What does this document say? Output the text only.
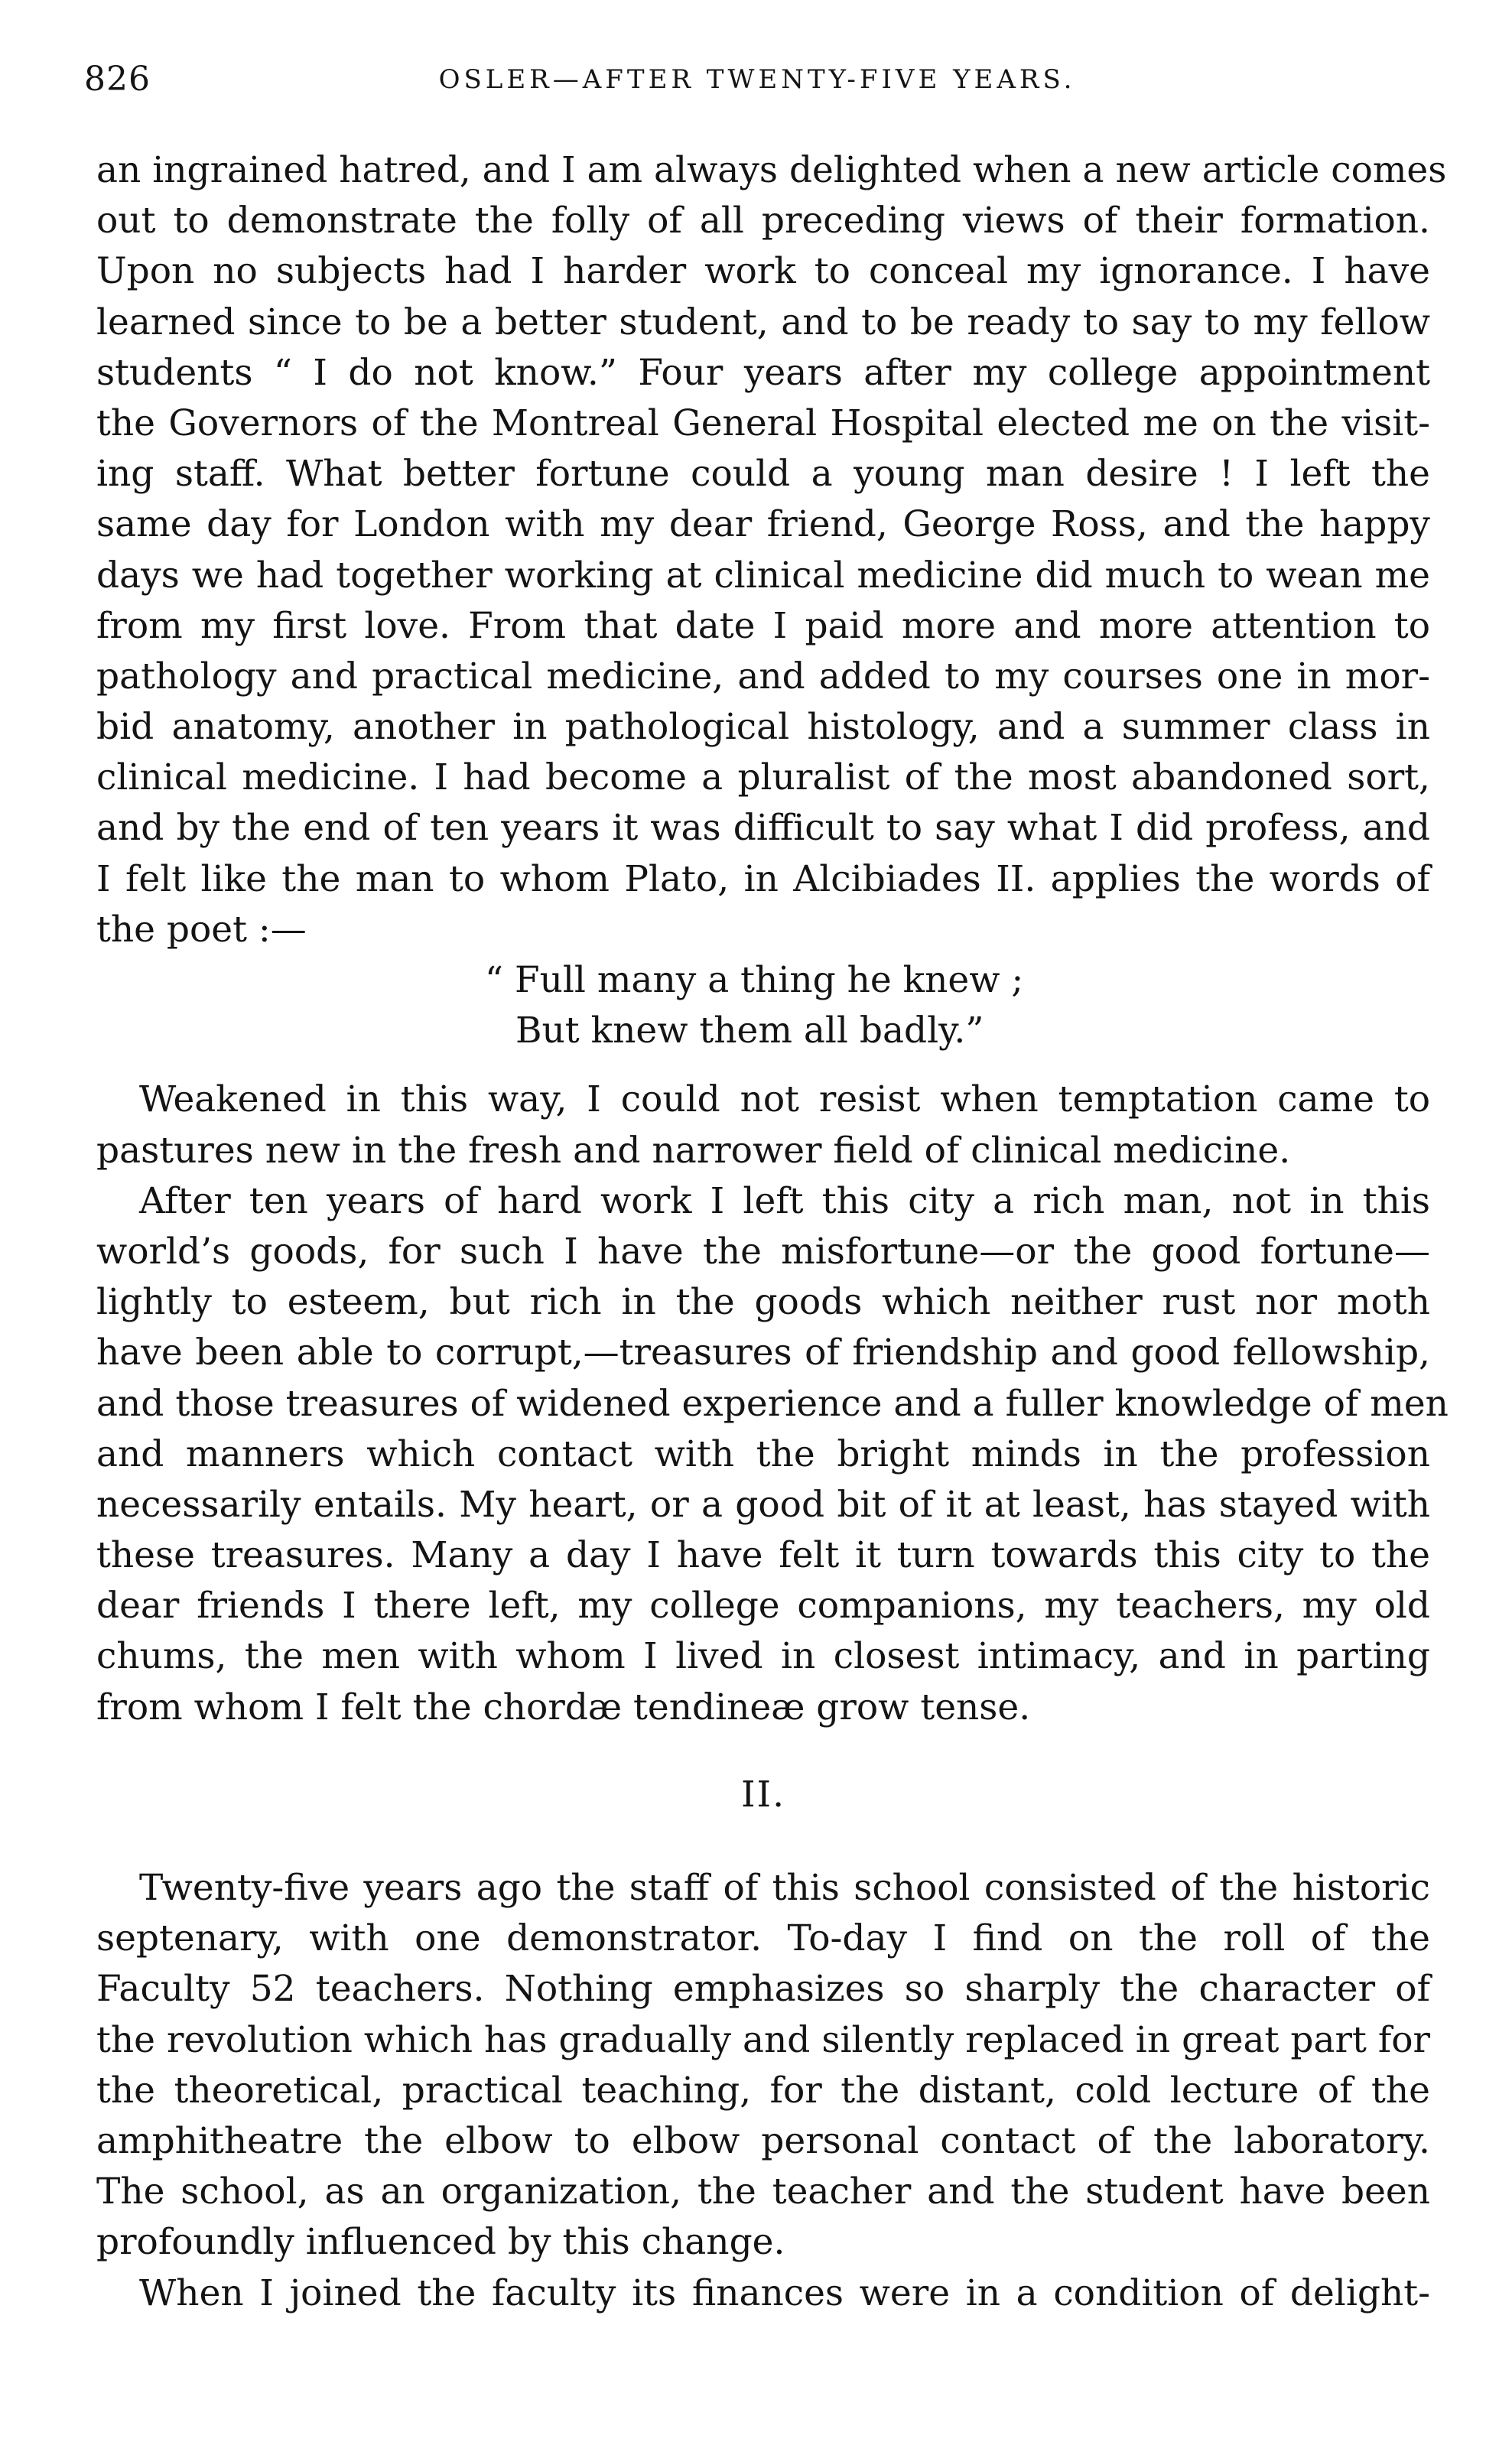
826	OSLER—AFTER TWENTY-FIVE YEARS.
an ingrained hatred, and I am always delighted when a new article comes
out to demonstrate the folly of all preceding views of their formation.
Upon no subjects had I harder work to conceal my ignorance. I have
learned since to be a better student, and to be ready to say to my fellow
students “ I do not know.” Four years after my college appointment
the Governors of the Montreal General Hospital elected me on the visit-
ing staff. What better fortune could a young man desire ! I left the
same day for London with my dear friend, George Ross, and the happy
days we had together working at clinical medicine did much to wean me
from my first love. From that date I paid more and more attention to
pathology and practical medicine, and added to my courses one in mor-
bid anatomy, another in pathological histology, and a summer class in
clinical medicine. I had become a pluralist of the most abandoned sort,
and by the end of ten years it was difficult to say what I did profess, and
I felt like the man to whom Plato, in Alcibiades II. applies the words of
the poet :—
“ Full many a thing he knew ;
But knew them all badly.”
Weakened in this way, I could not resist when temptation came to
pastures new in the fresh and narrower field of clinical medicine.
After ten years of hard work I left this city a rich man, not in this
world’s goods, for such I have the misfortune—or the good fortune—
lightly to esteem, but rich in the goods which neither rust nor moth
have been able to corrupt,—treasures of friendship and good fellowship,
and those treasures of widened experience and a fuller knowledge of men
and manners which contact with the bright minds in the profession
necessarily entails. My heart, or a good bit of it at least, has stayed with
these treasures. Many a day I have felt it turn towards this city to the
dear friends I there left, my college companions, my teachers, my old
chums, the men with whom I lived in closest intimacy, and in parting
from whom I felt the chordæ tendineæ grow tense.
II.
Twenty-five years ago the staff of this school consisted of the historic
septenary, with one demonstrator. To-day I find on the roll of the
Faculty 52 teachers. Nothing emphasizes so sharply the character of
the revolution which has gradually and silently replaced in great part for
the theoretical, practical teaching, for the distant, cold lecture of the
amphitheatre the elbow to elbow personal contact of the laboratory.
The school, as an organization, the teacher and the student have been
profoundly influenced by this change.
When I joined the faculty its finances were in a condition of delight-
